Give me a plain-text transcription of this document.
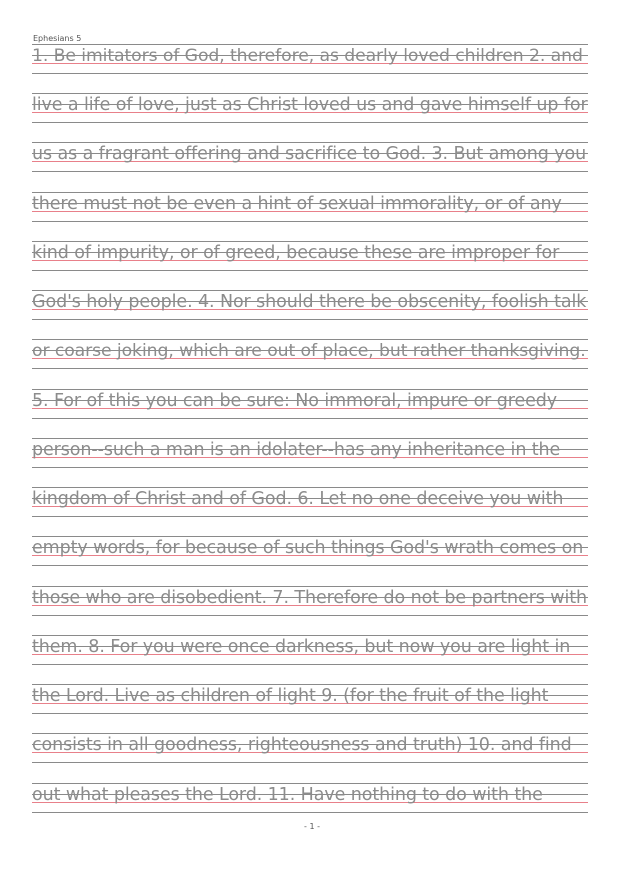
Ephesians 5
1. Be imitators of God, therefore, as dearly loved children 2. and
live a life of love, just as Christ loved us and gave himself up for
us as a fragrant offering and sacrifice to God. 3. But among you
there must not be even a hint of sexual immorality, or of any
kind of impurity, or of greed, because these are improper for
God's holy people. 4. Nor should there be obscenity, foolish talk
or coarse joking, which are out of place, but rather thanksgiving.
5. For of this you can be sure: No immoral, impure or greedy
person--such a man is an idolater--has any inheritance in the
kingdom of Christ and of God. 6. Let no one deceive you with
empty words, for because of such things God's wrath comes on
those who are disobedient. 7. Therefore do not be partners with
them. 8. For you were once darkness, but now you are light in
the Lord. Live as children of light 9. (for the fruit of the light
consists in all goodness, righteousness and truth) 10. and find
out what pleases the Lord. 11. Have nothing to do with the
- 1 -
